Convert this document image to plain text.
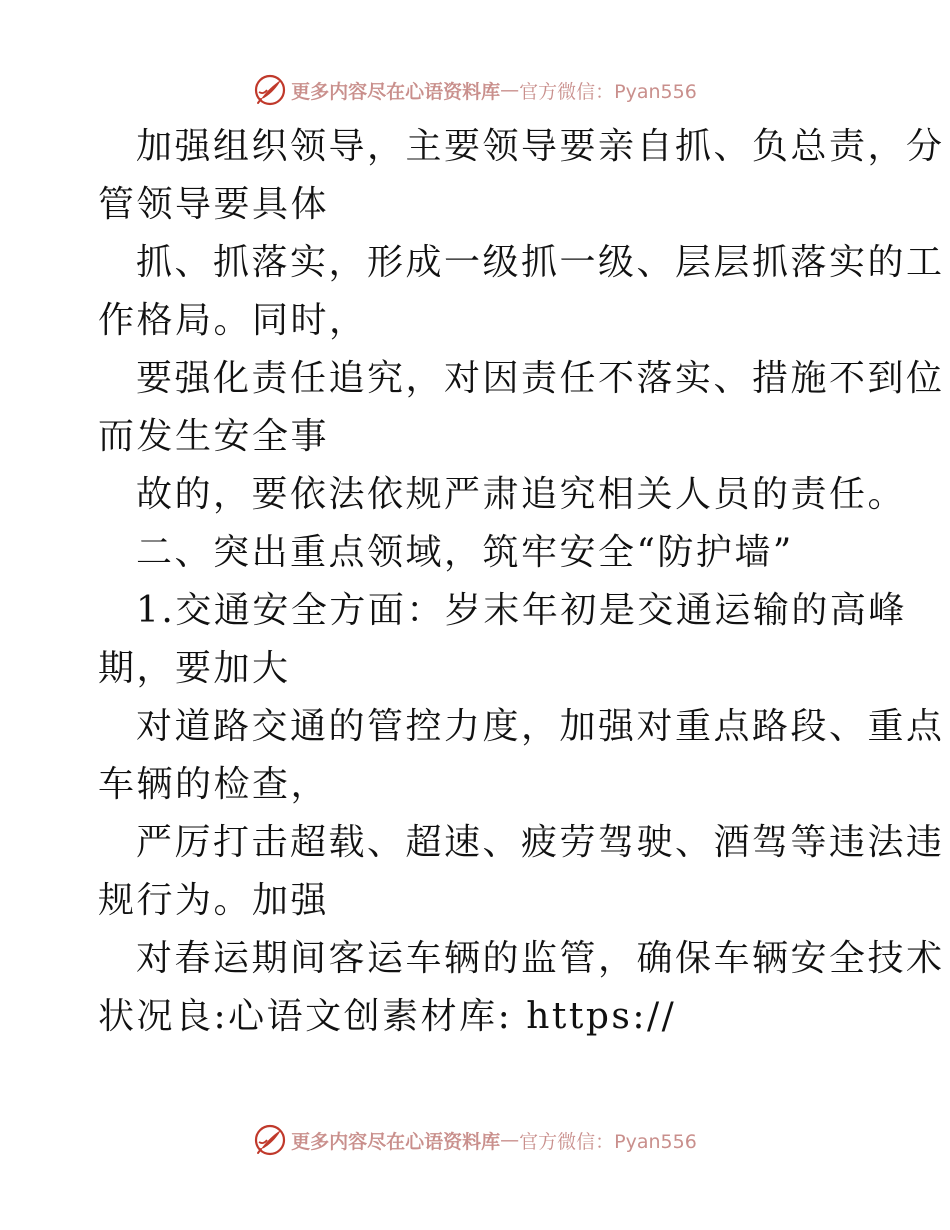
更多内容尽在心语资料库 — 官方微信：Pyan556

加强组织领导，主要领导要亲自抓、负总责，分

管领导要具体

抓、抓落实，形成一级抓一级、层层抓落实的工

作格局。同时，

要强化责任追究，对因责任不落实、措施不到位

而发生安全事

故的，要依法依规严肃追究相关人员的责任。

二、突出重点领域，筑牢安全“防护墙”

1.交通安全方面：岁末年初是交通运输的高峰

期，要加大

对道路交通的管控力度，加强对重点路段、重点

车辆的检查，

严厉打击超载、超速、疲劳驾驶、酒驾等违法违

规行为。加强

对春运期间客运车辆的监管，确保车辆安全技术

状况良:心语文创素材库: https://

更多内容尽在心语资料库 — 官方微信：Pyan556
